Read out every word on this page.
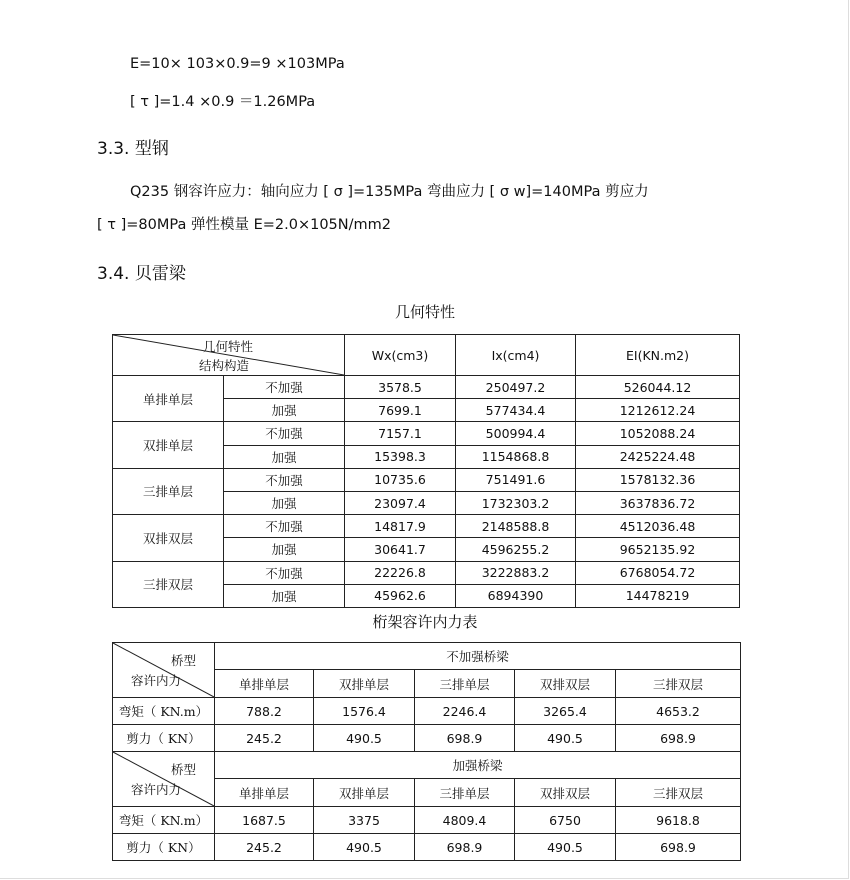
E=10× 103×0.9=9 ×103MPa
[ τ ]=1.4 ×0.9 ＝1.26MPa
3.3. 型钢
Q235 钢容许应力：轴向应力 [ σ ]=135MPa 弯曲应力 [ σ w]=140MPa 剪应力
[ τ ]=80MPa 弹性模量 E=2.0×105N/mm2
3.4. 贝雷梁
几何特性
几何特性
结构构造		Wx(cm3)	Ix(cm4)	EI(KN.m2)
单排单层	不加强	3578.5	250497.2	526044.12
	加强	7699.1	577434.4	1212612.24
双排单层	不加强	7157.1	500994.4	1052088.24
	加强	15398.3	1154868.8	2425224.48
三排单层	不加强	10735.6	751491.6	1578132.36
	加强	23097.4	1732303.2	3637836.72
双排双层	不加强	14817.9	2148588.8	4512036.48
	加强	30641.7	4596255.2	9652135.92
三排双层	不加强	22226.8	3222883.2	6768054.72
	加强	45962.6	6894390	14478219
桁架容许内力表
桥型
容许内力	不加强桥梁				
	单排单层	双排单层	三排单层	双排双层	三排双层
弯矩（ KN.m）	788.2	1576.4	2246.4	3265.4	4653.2
剪力（ KN）	245.2	490.5	698.9	490.5	698.9

桥型
容许内力	加强桥梁				
	单排单层	双排单层	三排单层	双排双层	三排双层
弯矩（ KN.m）	1687.5	3375	4809.4	6750	9618.8
剪力（ KN）	245.2	490.5	698.9	490.5	698.9
